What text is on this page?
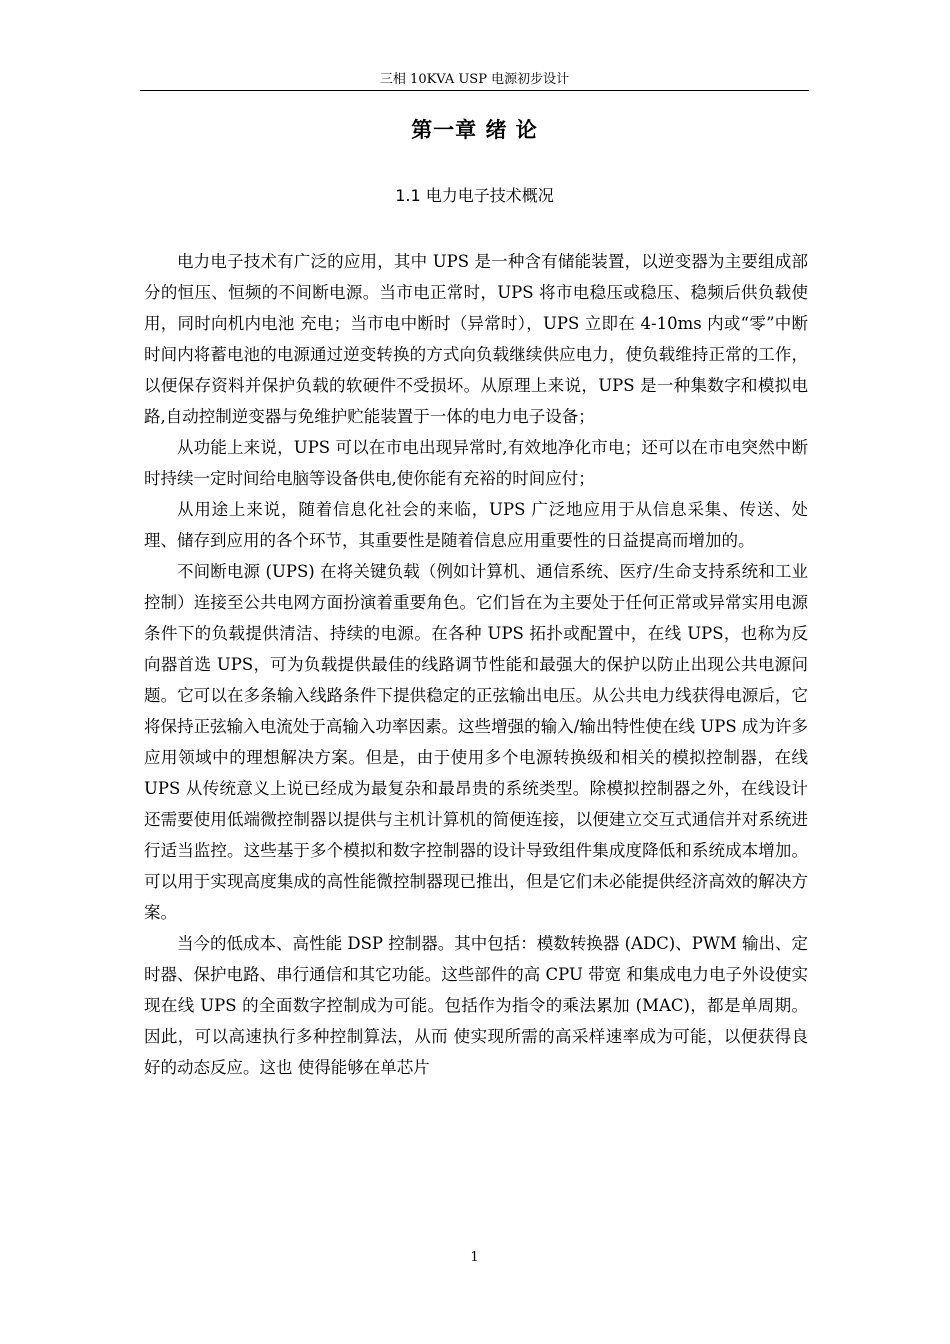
三相 10KVA USP 电源初步设计
第一章 绪 论
1.1 电力电子技术概况

电力电子技术有广泛的应用，其中 UPS 是一种含有储能装置，以逆变器为主要组成部分的恒压、恒频的不间断电源。当市电正常时，UPS 将市电稳压或稳压、稳频后供负载使用，同时向机内电池 充电；当市电中断时（异常时），UPS 立即在 4-10ms 内或“零”中断时间内将蓄电池的电源通过逆变转换的方式向负载继续供应电力，使负载维持正常的工作，以便保存资料并保护负载的软硬件不受损坏。从原理上来说，UPS 是一种集数字和模拟电路,自动控制逆变器与免维护贮能装置于一体的电力电子设备；

从功能上来说，UPS 可以在市电出现异常时,有效地净化市电；还可以在市电突然中断时持续一定时间给电脑等设备供电,使你能有充裕的时间应付；

从用途上来说，随着信息化社会的来临，UPS 广泛地应用于从信息采集、传送、处理、储存到应用的各个环节，其重要性是随着信息应用重要性的日益提高而增加的。

不间断电源 (UPS) 在将关键负载（例如计算机、通信系统、医疗/生命支持系统和工业控制）连接至公共电网方面扮演着重要角色。它们旨在为主要处于任何正常或异常实用电源条件下的负载提供清洁、持续的电源。在各种 UPS 拓扑或配置中，在线 UPS，也称为反向器首选 UPS，可为负载提供最佳的线路调节性能和最强大的保护以防止出现公共电源问题。它可以在多条输入线路条件下提供稳定的正弦输出电压。从公共电力线获得电源后，它将保持正弦输入电流处于高输入功率因素。这些增强的输入/输出特性使在线 UPS 成为许多应用领域中的理想解决方案。但是，由于使用多个电源转换级和相关的模拟控制器，在线 UPS 从传统意义上说已经成为最复杂和最昂贵的系统类型。除模拟控制器之外，在线设计还需要使用低端微控制器以提供与主机计算机的简便连接，以便建立交互式通信并对系统进行适当监控。这些基于多个模拟和数字控制器的设计导致组件集成度降低和系统成本增加。可以用于实现高度集成的高性能微控制器现已推出，但是它们未必能提供经济高效的解决方案。

当今的低成本、高性能 DSP 控制器。其中包括：模数转换器 (ADC)、PWM 输出、定时器、保护电路、串行通信和其它功能。这些部件的高 CPU 带宽 和集成电力电子外设使实现在线 UPS 的全面数字控制成为可能。包括作为指令的乘法累加 (MAC)，都是单周期。因此，可以高速执行多种控制算法，从而 使实现所需的高采样速率成为可能，以便获得良好的动态反应。这也 使得能够在单芯片

1
